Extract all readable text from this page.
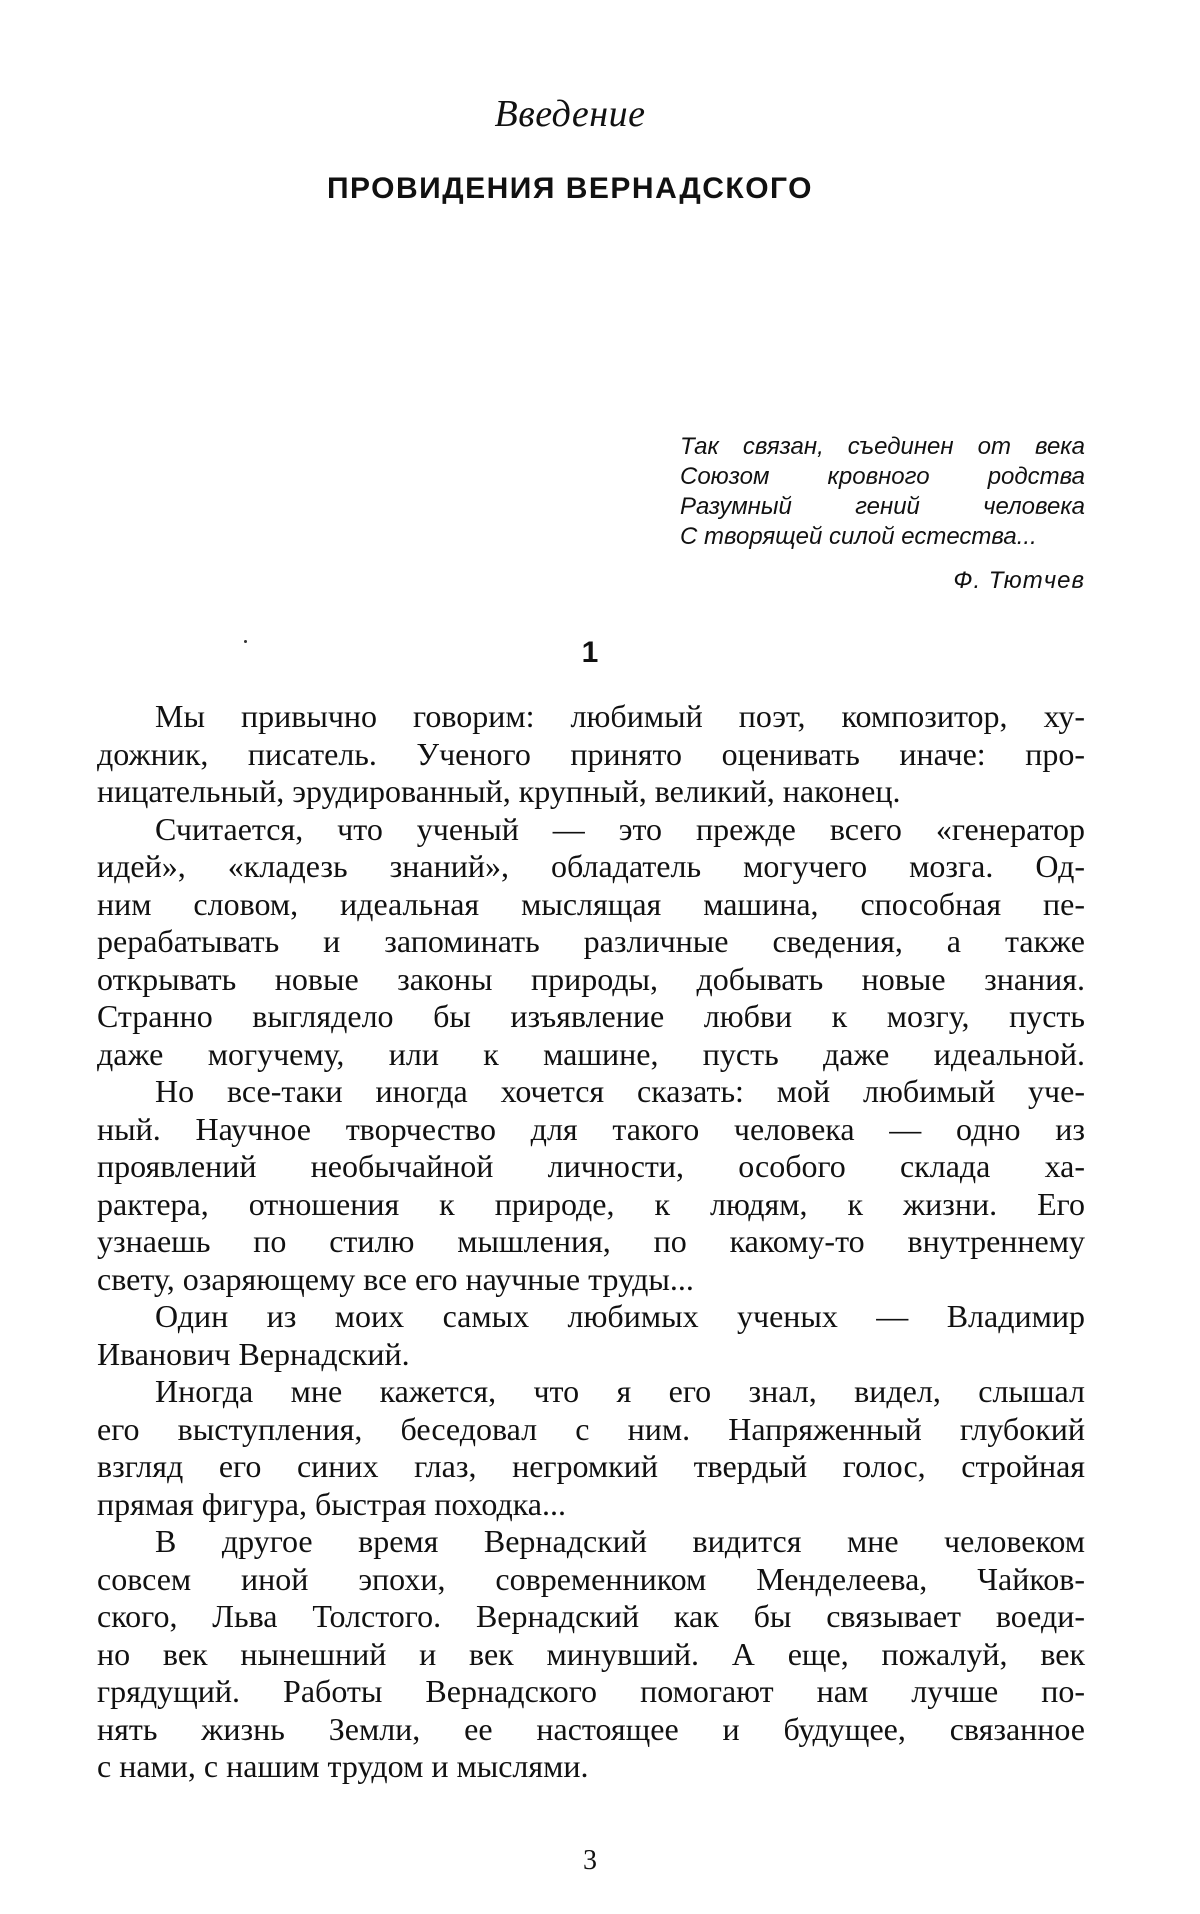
Введение
ПРОВИДЕНИЯ ВЕРНАДСКОГО
Так связан, съединен от века
Союзом кровного родства
Разумный гений человека
С творящей силой естества...
Ф. Тютчев
1
Мы привычно говорим: любимый поэт, композитор, ху-
дожник, писатель. Ученого принято оценивать иначе: про-
ницательный, эрудированный, крупный, великий, наконец.
Считается, что ученый — это прежде всего «генератор
идей», «кладезь знаний», обладатель могучего мозга. Од-
ним словом, идеальная мыслящая машина, способная пе-
рерабатывать и запоминать различные сведения, а также
открывать новые законы природы, добывать новые знания.
Странно выглядело бы изъявление любви к мозгу, пусть
даже могучему, или к машине, пусть даже идеальной.
Но все-таки иногда хочется сказать: мой любимый уче-
ный. Научное творчество для такого человека — одно из
проявлений необычайной личности, особого склада ха-
рактера, отношения к природе, к людям, к жизни. Его
узнаешь по стилю мышления, по какому-то внутреннему
свету, озаряющему все его научные труды...
Один из моих самых любимых ученых — Владимир
Иванович Вернадский.
Иногда мне кажется, что я его знал, видел, слышал
его выступления, беседовал с ним. Напряженный глубокий
взгляд его синих глаз, негромкий твердый голос, стройная
прямая фигура, быстрая походка...
В другое время Вернадский видится мне человеком
совсем иной эпохи, современником Менделеева, Чайков-
ского, Льва Толстого. Вернадский как бы связывает воеди-
но век нынешний и век минувший. А еще, пожалуй, век
грядущий. Работы Вернадского помогают нам лучше по-
нять жизнь Земли, ее настоящее и будущее, связанное
с нами, с нашим трудом и мыслями.
3
